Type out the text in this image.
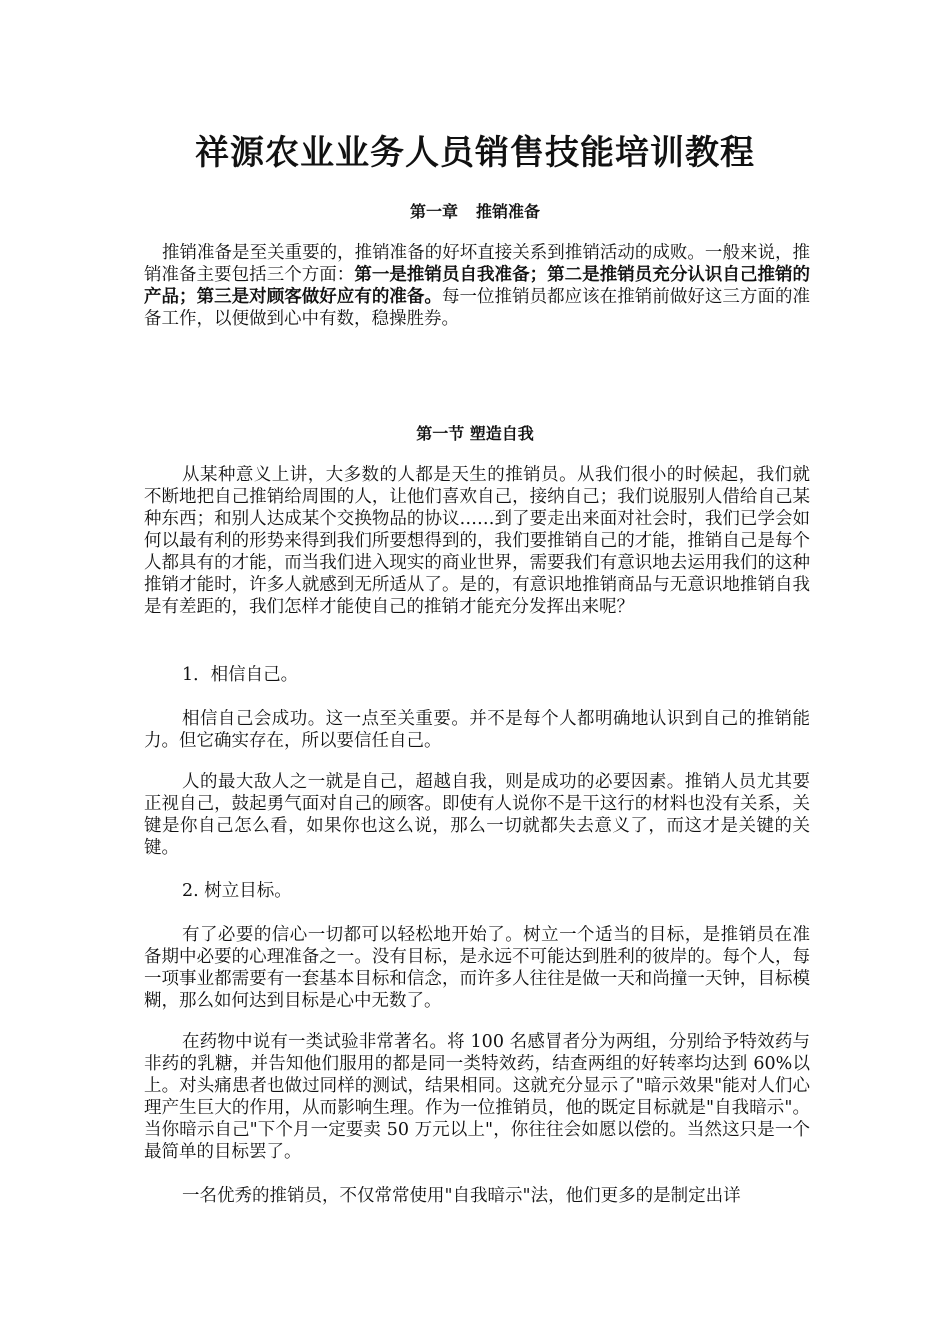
祥源农业业务人员销售技能培训教程
第一章 推销准备

推销准备是至关重要的，推销准备的好坏直接关系到推销活动的成败。一般来说，推销准备主要包括三个方面：第一是推销员自我准备；第二是推销员充分认识自己推销的产品；第三是对顾客做好应有的准备。每一位推销员都应该在推销前做好这三方面的准备工作，以便做到心中有数，稳操胜券。

第一节 塑造自我

从某种意义上讲，大多数的人都是天生的推销员。从我们很小的时候起，我们就不断地把自己推销给周围的人，让他们喜欢自己，接纳自己；我们说服别人借给自己某种东西；和别人达成某个交换物品的协议……到了要走出来面对社会时，我们已学会如何以最有利的形势来得到我们所要想得到的，我们要推销自己的才能，推销自己是每个人都具有的才能，而当我们进入现实的商业世界，需要我们有意识地去运用我们的这种推销才能时，许多人就感到无所适从了。是的，有意识地推销商品与无意识地推销自我是有差距的，我们怎样才能使自己的推销才能充分发挥出来呢？

1．相信自己。

相信自己会成功。这一点至关重要。并不是每个人都明确地认识到自己的推销能力。但它确实存在，所以要信任自己。

人的最大敌人之一就是自己，超越自我，则是成功的必要因素。推销人员尤其要正视自己，鼓起勇气面对自己的顾客。即使有人说你不是干这行的材料也没有关系，关键是你自己怎么看，如果你也这么说，那么一切就都失去意义了，而这才是关键的关键。

2. 树立目标。

有了必要的信心一切都可以轻松地开始了。树立一个适当的目标，是推销员在准备期中必要的心理准备之一。没有目标，是永远不可能达到胜利的彼岸的。每个人，每一项事业都需要有一套基本目标和信念，而许多人往往是做一天和尚撞一天钟，目标模糊，那么如何达到目标是心中无数了。

在药物中说有一类试验非常著名。将 100 名感冒者分为两组，分别给予特效药与非药的乳糖，并告知他们服用的都是同一类特效药，结查两组的好转率均达到 60%以上。对头痛患者也做过同样的测试，结果相同。这就充分显示了"暗示效果"能对人们心理产生巨大的作用，从而影响生理。作为一位推销员，他的既定目标就是"自我暗示"。当你暗示自己"下个月一定要卖 50 万元以上"，你往往会如愿以偿的。当然这只是一个最简单的目标罢了。

一名优秀的推销员，不仅常常使用"自我暗示"法，他们更多的是制定出详
